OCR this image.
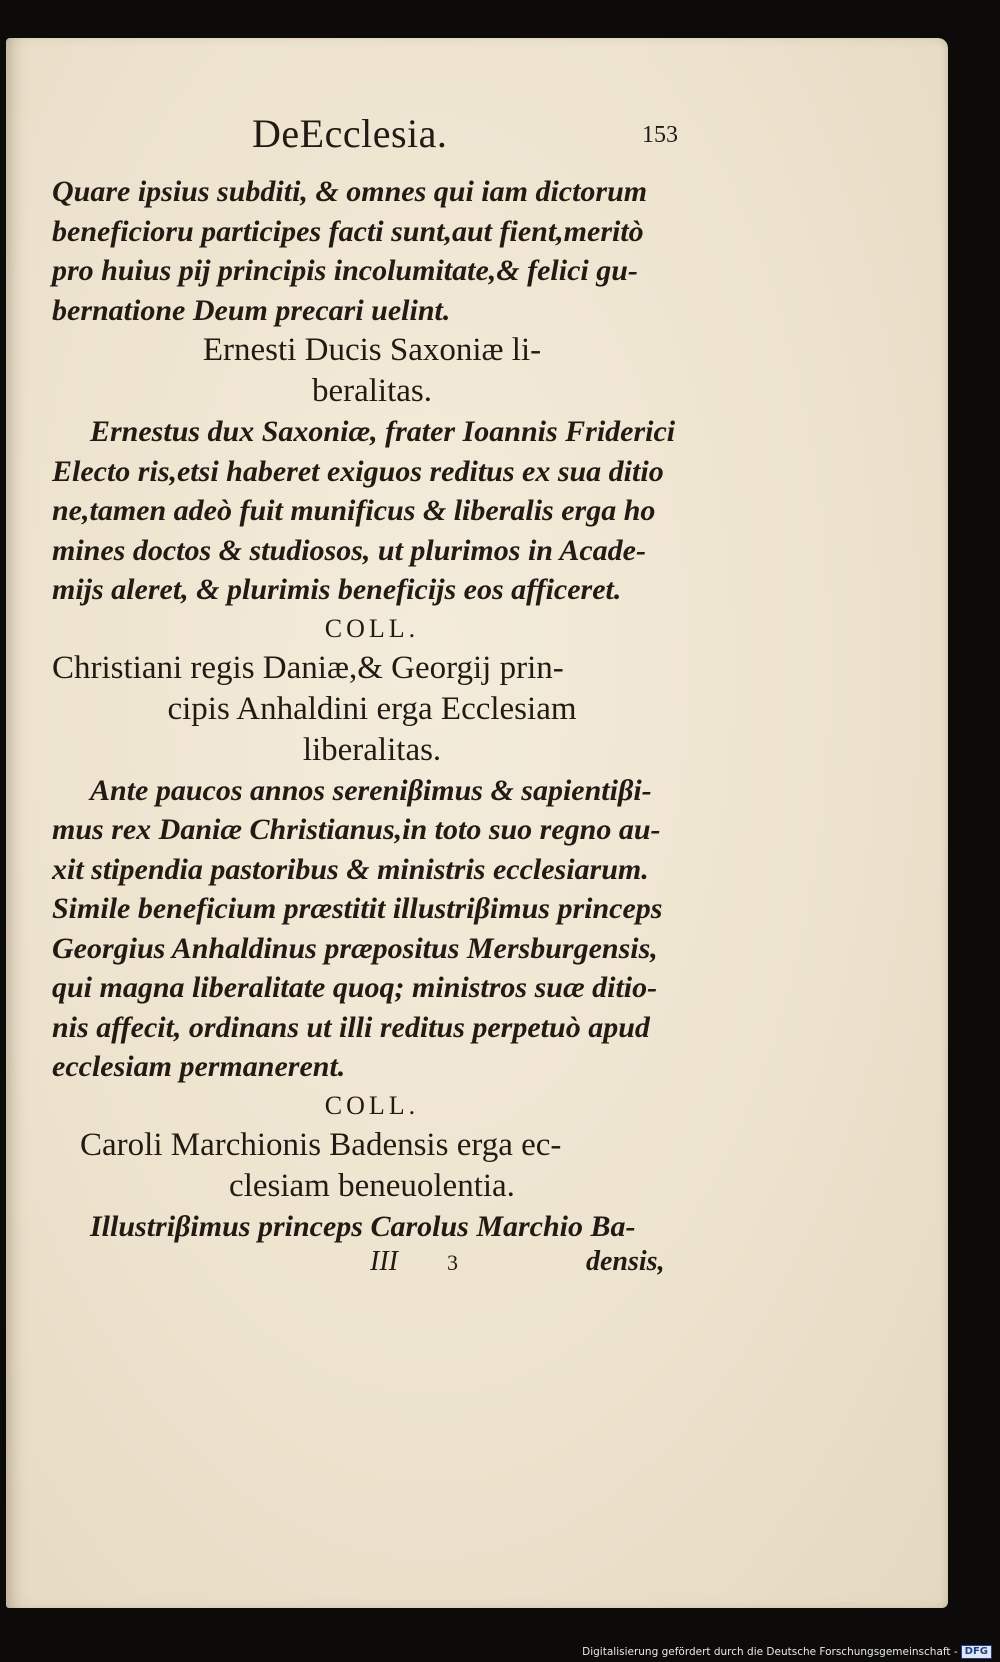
DeEcclesia.	153
Quare ipsius subditi, & omnes qui iam dictorum
beneficioru participes facti sunt,aut fient,meritò
pro huius pij principis incolumitate,& felici gu-
bernatione Deum precari uelint.
Ernesti Ducis Saxoniæ li-
beralitas.
Ernestus dux Saxoniæ, frater Ioannis Friderici
Electo ris,etsi haberet exiguos reditus ex sua ditio
ne,tamen adeò fuit munificus & liberalis erga ho
mines doctos & studiosos, ut plurimos in Acade-
mijs aleret, & plurimis beneficijs eos afficeret.
COLL.
Christiani regis Daniæ,& Georgij prin-
cipis Anhaldini erga Ecclesiam
liberalitas.
Ante paucos annos sereniβimus & sapientiβi-
mus rex Daniæ Christianus,in toto suo regno au-
xit stipendia pastoribus & ministris ecclesiarum.
Simile beneficium præstitit illustriβimus princeps
Georgius Anhaldinus præpositus Mersburgensis,
qui magna liberalitate quoq; ministros suæ ditio-
nis affecit, ordinans ut illi reditus perpetuò apud
ecclesiam permanerent.
COLL.
Caroli Marchionis Badensis erga ec-
clesiam beneuolentia.
Illustriβimus princeps Carolus Marchio Ba-
III 3	densis,
Digitalisierung gefördert durch die Deutsche Forschungsgemeinschaft - DFG
